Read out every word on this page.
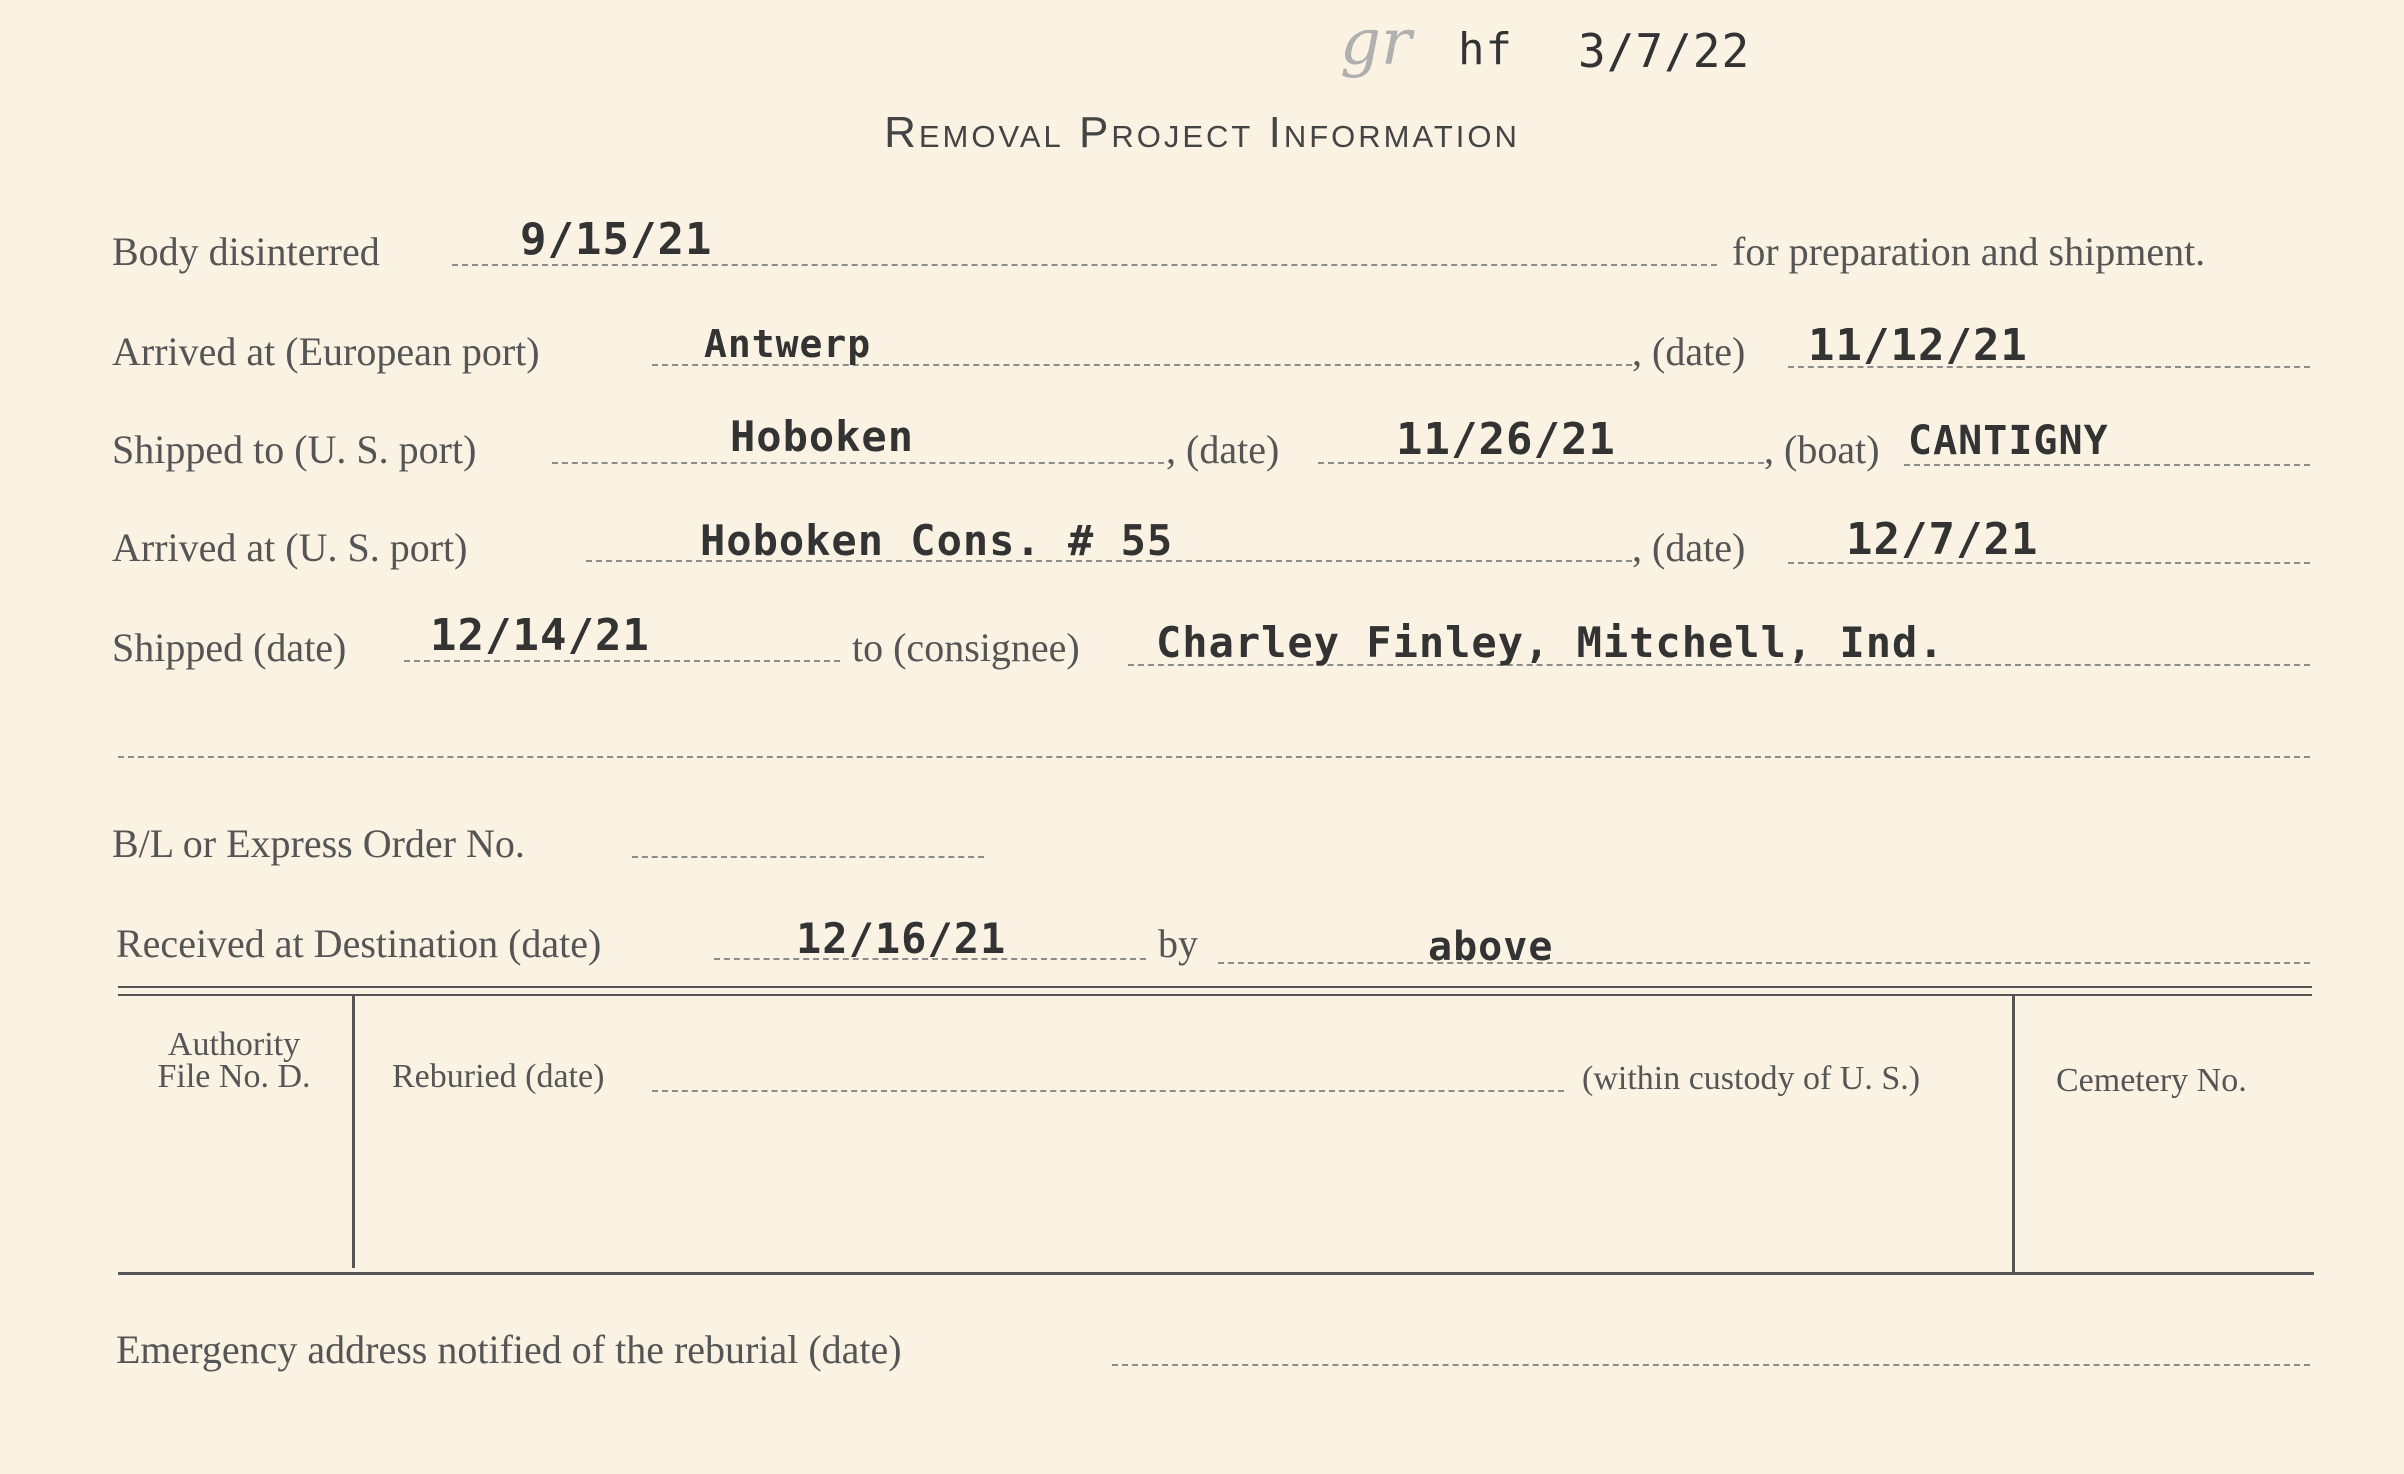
gr hf 3/7/22
Removal Project Information
Body disinterred	9/15/21	for preparation and shipment.
Arrived at (European port)	Antwerp	, (date) 11/12/21
Shipped to (U. S. port)	Hoboken	, (date)	11/26/21	, (boat) CANTIGNY
Arrived at (U. S. port)	Hoboken Cons. # 55	, (date) 12/7/21
Shipped (date) 12/14/21	to (consignee) Charley Finley, Mitchell, Ind.
B/L or Express Order No.
Received at Destination (date)	12/16/21	by	above
Authority
File No. D.	Reburied (date)	(within custody of U. S.)	Cemetery No.
Emergency address notified of the reburial (date)
